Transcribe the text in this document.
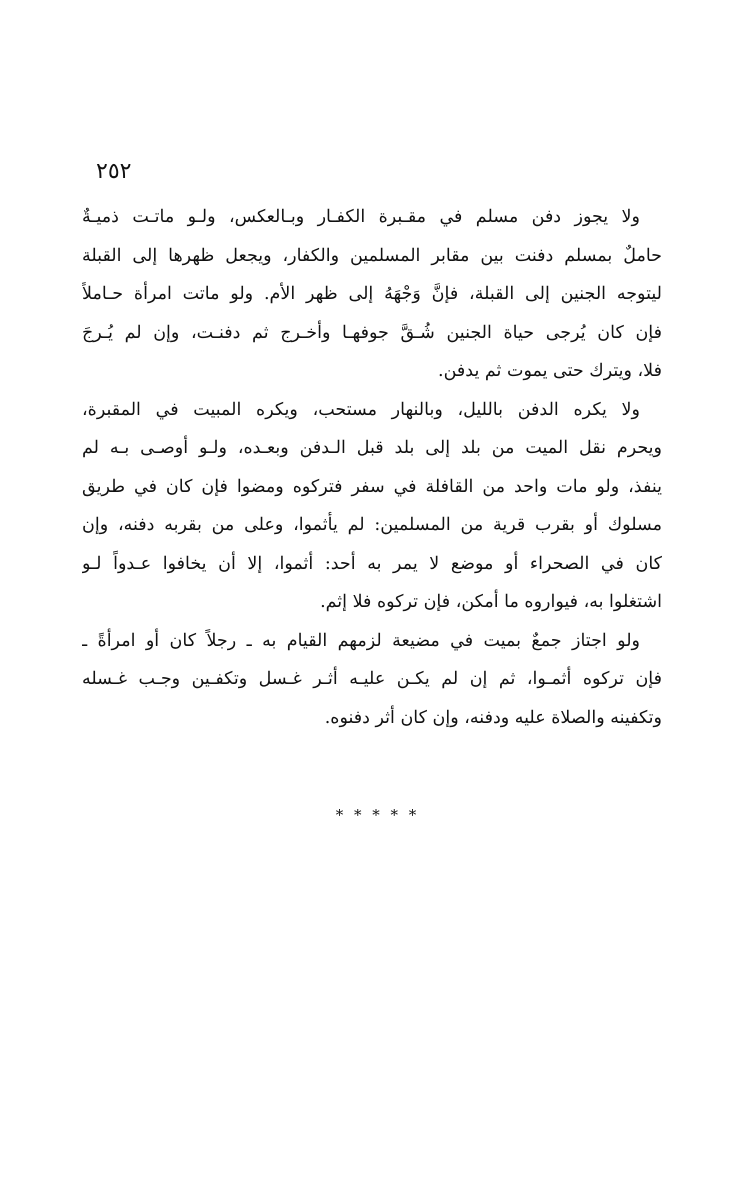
٢٥٢
ولا يجوز دفن مسلم في مقـبرة الكفـار وبـالعكس، ولـو ماتـت ذميـةٌ
حاملٌ بمسلم دفنت بين مقابر المسلمين والكفار، ويجعل ظهرها إلى القبلة
ليتوجه الجنين إلى القبلة، فإنَّ وَجْهَهُ إلى ظهر الأم. ولو ماتت امرأة حـاملاً
فإن كان يُرجى حياة الجنين شُـقَّ جوفهـا وأخـرج ثم دفنـت، وإن لم يُـرجَ
فلا، ويترك حتى يموت ثم يدفن.
ولا يكره الدفن بالليل، وبالنهار مستحب، ويكره المبيت في المقبرة،
ويحرم نقل الميت من بلد إلى بلد قبل الـدفن وبعـده، ولـو أوصـى بـه لم
ينفذ، ولو مات واحد من القافلة في سفر فتركوه ومضوا فإن كان في طريق
مسلوك أو بقرب قرية من المسلمين: لم يأثموا، وعلى من بقربه دفنه، وإن
كان في الصحراء أو موضع لا يمر به أحد: أثموا، إلا أن يخافوا عـدواً لـو
اشتغلوا به، فيواروه ما أمكن، فإن تركوه فلا إثم.
ولو اجتاز جمعٌ بميت في مضيعة لزمهم القيام به ـ رجلاً كان أو امرأةً ـ
فإن تركوه أثمـوا، ثم إن لم يكـن عليـه أثـر غـسل وتكفـين وجـب غـسله
وتكفينه والصلاة عليه ودفنه، وإن كان أثر دفنوه.
* * * * *
